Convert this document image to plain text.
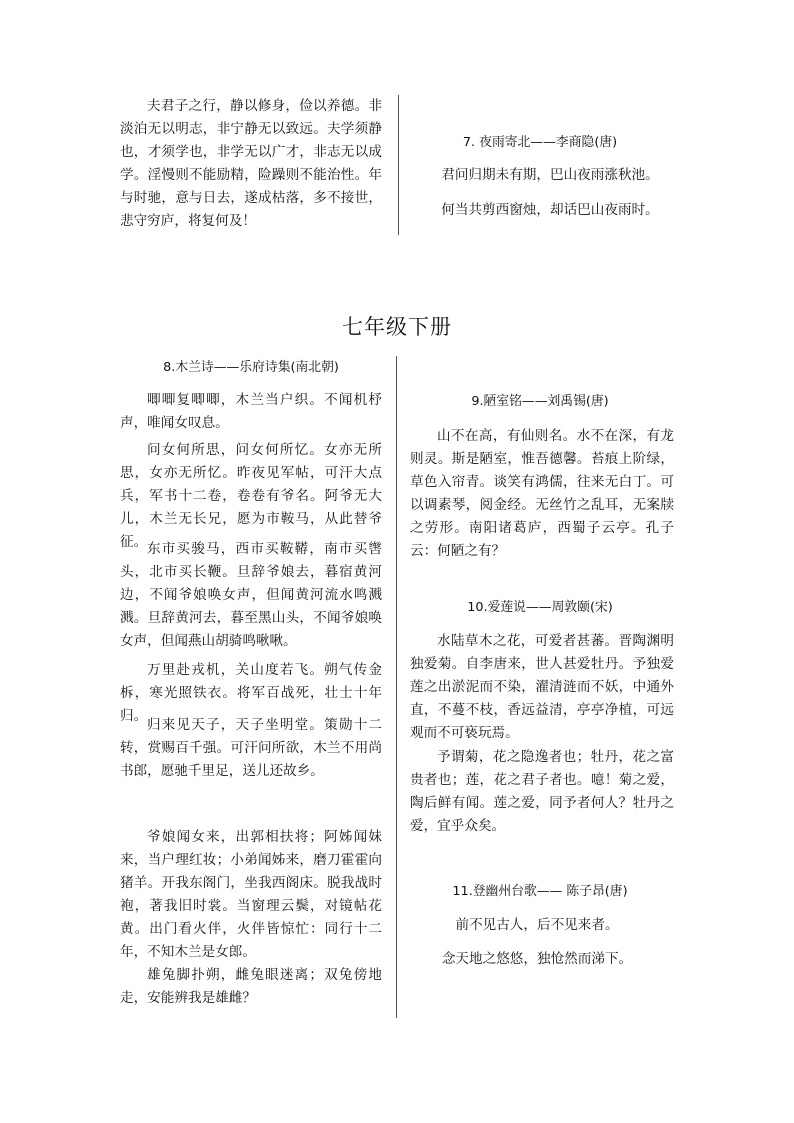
夫君子之行，静以修身，俭以养德。非淡泊无以明志，非宁静无以致远。夫学须静也，才须学也，非学无以广才，非志无以成学。淫慢则不能励精，险躁则不能治性。年与时驰，意与日去，遂成枯落，多不接世，悲守穷庐，将复何及！
7. 夜雨寄北——李商隐(唐)
君问归期未有期，巴山夜雨涨秋池。
何当共剪西窗烛，却话巴山夜雨时。
七年级下册
8.木兰诗——乐府诗集(南北朝)
唧唧复唧唧，木兰当户织。不闻机杼声，唯闻女叹息。
问女何所思，问女何所忆。女亦无所思，女亦无所忆。昨夜见军帖，可汗大点兵，军书十二卷，卷卷有爷名。阿爷无大儿，木兰无长兄，愿为市鞍马，从此替爷征。 东市买骏马，西市买鞍鞯，南市买辔头，北市买长鞭。旦辞爷娘去，暮宿黄河边，不闻爷娘唤女声，但闻黄河流水鸣溅溅。旦辞黄河去，暮至黑山头，不闻爷娘唤女声，但闻燕山胡骑鸣啾啾。
万里赴戎机，关山度若飞。朔气传金柝，寒光照铁衣。将军百战死，壮士十年归。
归来见天子，天子坐明堂。策勋十二转，赏赐百千强。可汗问所欲，木兰不用尚书郎，愿驰千里足，送儿还故乡。
爷娘闻女来，出郭相扶将；阿姊闻妹来，当户理红妆；小弟闻姊来，磨刀霍霍向猪羊。开我东阁门，坐我西阁床。脱我战时袍，著我旧时裳。当窗理云鬓，对镜帖花黄。出门看火伴，火伴皆惊忙：同行十二年，不知木兰是女郎。
雄兔脚扑朔，雌兔眼迷离；双兔傍地走，安能辨我是雄雌？
9.陋室铭——刘禹锡(唐)
山不在高，有仙则名。水不在深，有龙则灵。斯是陋室，惟吾德馨。苔痕上阶绿，草色入帘青。谈笑有鸿儒，往来无白丁。可以调素琴，阅金经。无丝竹之乱耳，无案牍之劳形。南阳诸葛庐，西蜀子云亭。孔子云：何陋之有？
10.爱莲说——周敦颐(宋)
水陆草木之花，可爱者甚蕃。晋陶渊明独爱菊。自李唐来，世人甚爱牡丹。予独爱莲之出淤泥而不染，濯清涟而不妖，中通外直，不蔓不枝，香远益清，亭亭净植，可远观而不可亵玩焉。
予谓菊，花之隐逸者也；牡丹，花之富贵者也；莲，花之君子者也。噫！菊之爱，陶后鲜有闻。莲之爱，同予者何人？牡丹之爱，宜乎众矣。
11.登幽州台歌—— 陈子昂(唐)
前不见古人，后不见来者。
念天地之悠悠，独怆然而涕下。
